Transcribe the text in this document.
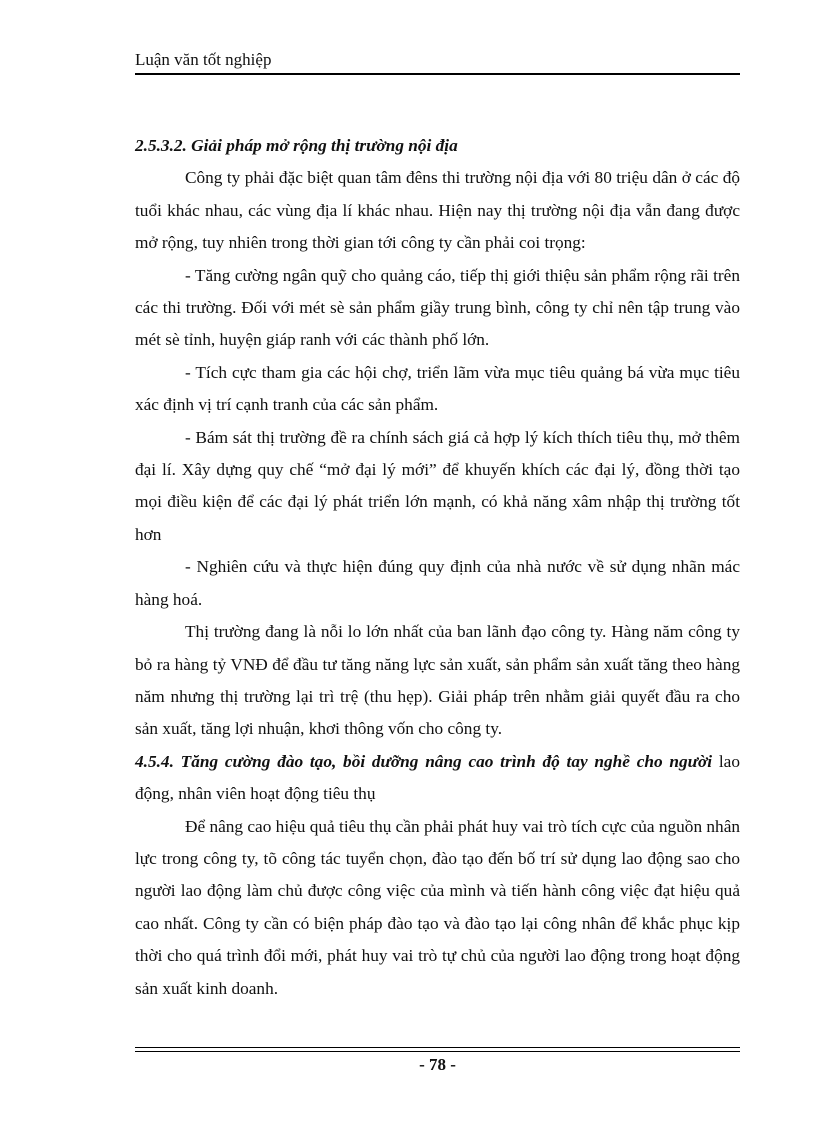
Luận văn tốt nghiệp

2.5.3.2. Giải pháp mở rộng thị trường nội địa

Công ty phải đặc biệt quan tâm đêns thi trường nội địa với 80 triệu dân ở các độ tuổi khác nhau, các vùng địa lí khác nhau. Hiện nay thị trường nội địa vẫn đang được mở rộng, tuy nhiên trong thời gian tới công ty cần phải coi trọng:

- Tăng cường ngân quỹ cho quảng cáo, tiếp thị giới thiệu sản phẩm rộng rãi trên các thi trường. Đối với mét sè sản phẩm giầy trung bình, công ty chỉ nên tập trung vào mét sè tỉnh, huyện giáp ranh với các thành phố lớn.

- Tích cực tham gia các hội chợ, triển lãm vừa mục tiêu quảng bá vừa mục tiêu xác định vị trí cạnh tranh của các sản phẩm.

- Bám sát thị trường đề ra chính sách giá cả hợp lý kích thích tiêu thụ, mở thêm đại lí. Xây dựng quy chế “mở đại lý mới” để khuyến khích các đại lý, đồng thời tạo mọi điều kiện để các đại lý phát triển lớn mạnh, có khả năng xâm nhập thị trường tốt hơn

- Nghiên cứu và thực hiện đúng quy định của nhà nước về sử dụng nhãn mác hàng hoá.

Thị trường đang là nỗi lo lớn nhất của ban lãnh đạo công ty. Hàng năm công ty bỏ ra hàng tỷ VNĐ để đầu tư tăng năng lực sản xuất, sản phẩm sản xuất tăng theo hàng năm nhưng thị trường lại trì trệ (thu hẹp). Giải pháp trên nhằm giải quyết đầu ra cho sản xuất, tăng lợi nhuận, khơi thông vốn cho công ty.

4.5.4. Tăng cường đào tạo, bồi dưỡng nâng cao trình độ tay nghề cho người lao động, nhân viên hoạt động tiêu thụ

Để nâng cao hiệu quả tiêu thụ cần phải phát huy vai trò tích cực của nguồn nhân lực trong công ty, tõ công tác tuyển chọn, đào tạo đến bố trí sử dụng lao động sao cho người lao động làm chủ được công việc của mình và tiến hành công việc đạt hiệu quả cao nhất. Công ty cần có biện pháp đào tạo và đào tạo lại công nhân để khắc phục kịp thời cho quá trình đổi mới, phát huy vai trò tự chủ của người lao động trong hoạt động sản xuất kinh doanh.

- 78 -
